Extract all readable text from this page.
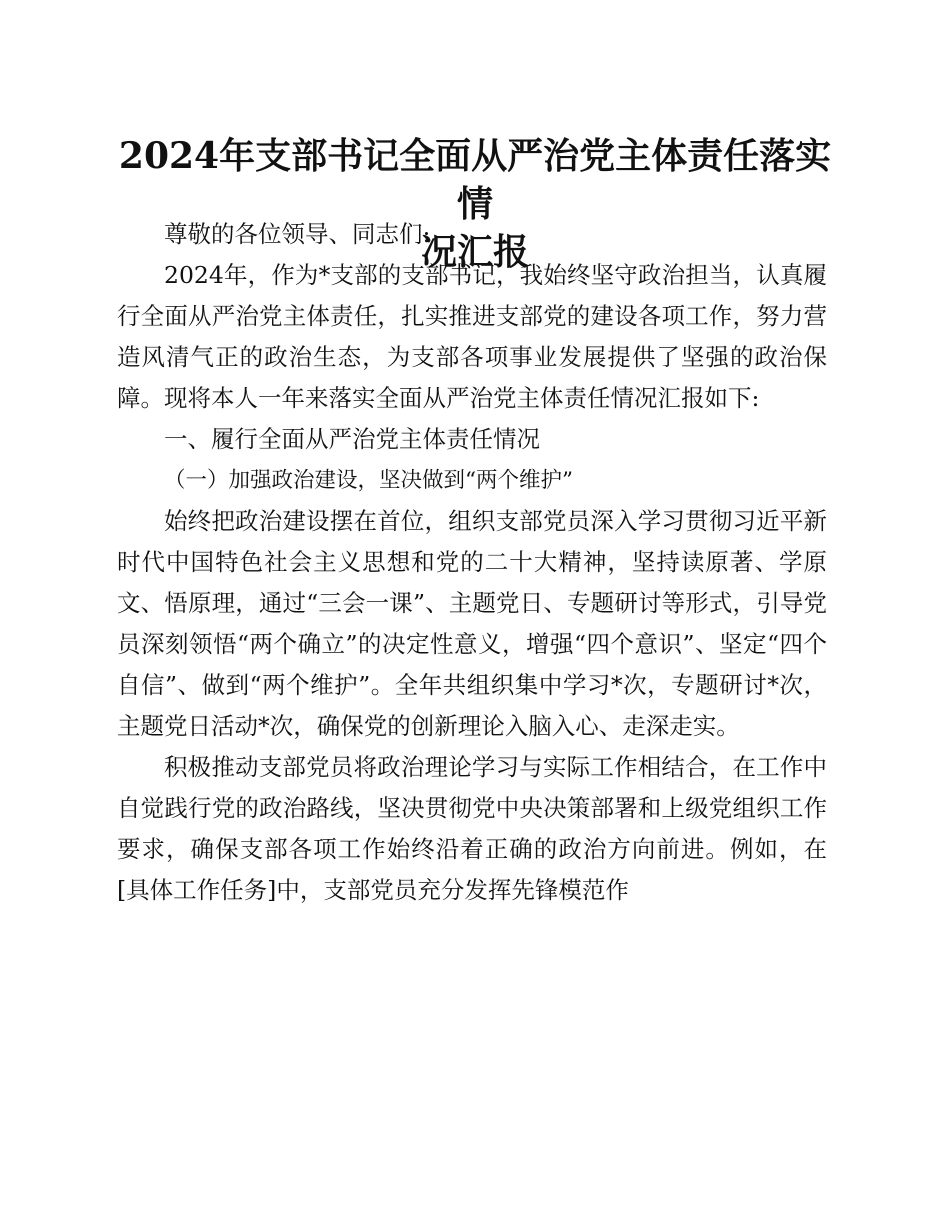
2024年支部书记全面从严治党主体责任落实情
况汇报

尊敬的各位领导、同志们:

2024年，作为*支部的支部书记，我始终坚守政治担当，认真履行全面从严治党主体责任，扎实推进支部党的建设各项工作，努力营造风清气正的政治生态，为支部各项事业发展提供了坚强的政治保障。现将本人一年来落实全面从严治党主体责任情况汇报如下:

一、履行全面从严治党主体责任情况
（一）加强政治建设，坚决做到“两个维护”

始终把政治建设摆在首位，组织支部党员深入学习贯彻习近平新时代中国特色社会主义思想和党的二十大精神，坚持读原著、学原文、悟原理，通过“三会一课”、主题党日、专题研讨等形式，引导党员深刻领悟“两个确立”的决定性意义，增强“四个意识”、坚定“四个自信”、做到“两个维护”。全年共组织集中学习*次，专题研讨*次，主题党日活动*次，确保党的创新理论入脑入心、走深走实。

积极推动支部党员将政治理论学习与实际工作相结合，在工作中自觉践行党的政治路线，坚决贯彻党中央决策部署和上级党组织工作要求，确保支部各项工作始终沿着正确的政治方向前进。例如，在[具体工作任务]中，支部党员充分发挥先锋模范作
